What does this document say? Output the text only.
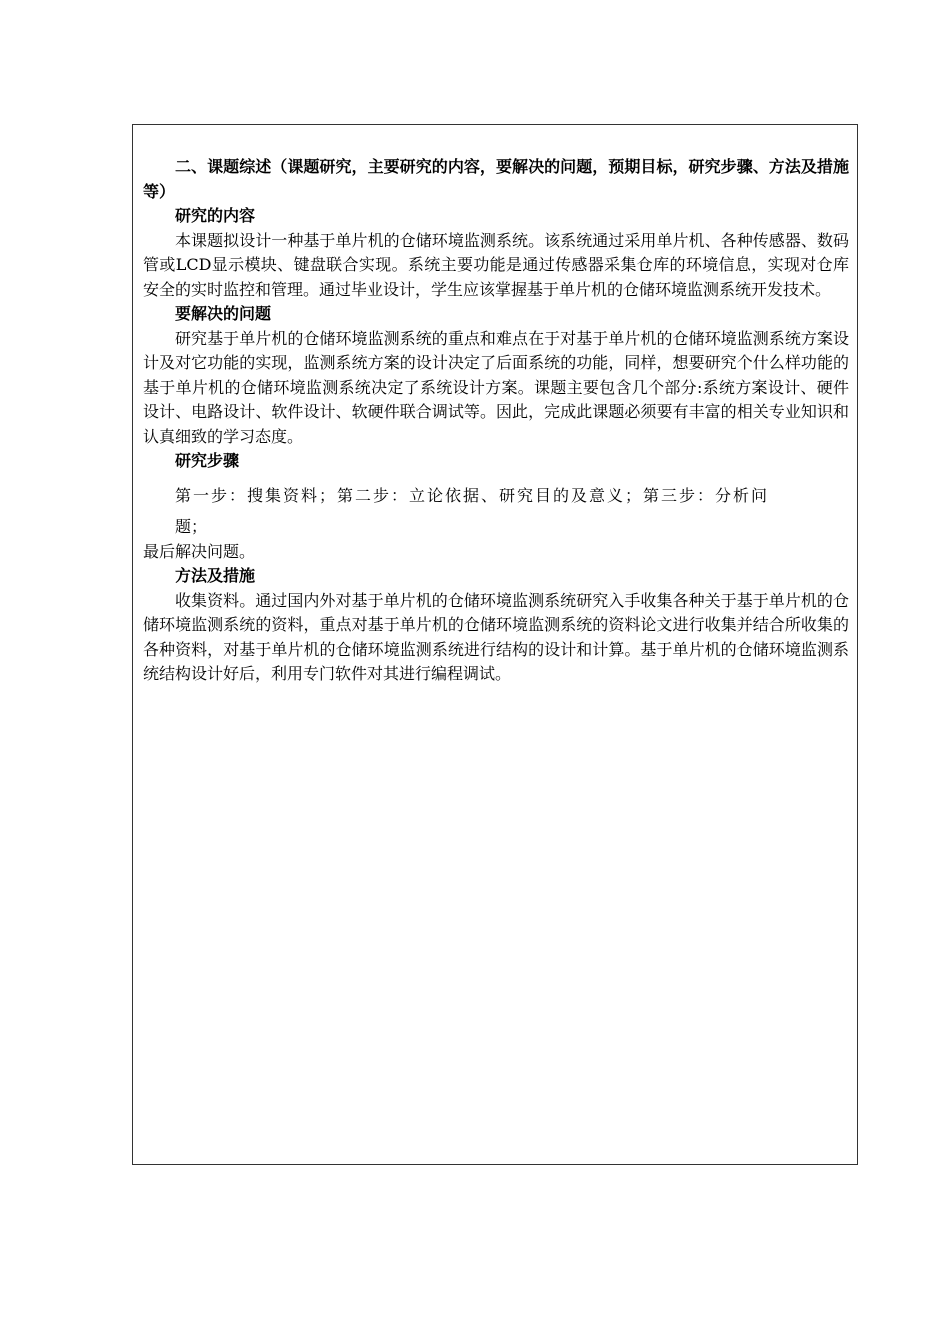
二、课题综述（课题研究，主要研究的内容，要解决的问题，预期目标，研究步骤、方法及措施等）

研究的内容

本课题拟设计一种基于单片机的仓储环境监测系统。该系统通过采用单片机、各种传感器、数码管或LCD显示模块、键盘联合实现。系统主要功能是通过传感器采集仓库的环境信息，实现对仓库安全的实时监控和管理。通过毕业设计，学生应该掌握基于单片机的仓储环境监测系统开发技术。

要解决的问题

研究基于单片机的仓储环境监测系统的重点和难点在于对基于单片机的仓储环境监测系统方案设计及对它功能的实现，监测系统方案的设计决定了后面系统的功能，同样，想要研究个什么样功能的基于单片机的仓储环境监测系统决定了系统设计方案。课题主要包含几个部分:系统方案设计、硬件设计、电路设计、软件设计、软硬件联合调试等。因此，完成此课题必须要有丰富的相关专业知识和认真细致的学习态度。

研究步骤

第一步：搜集资料；第二步：立论依据、研究目的及意义；第三步：分析问

题；

最后解决问题。

方法及措施

收集资料。通过国内外对基于单片机的仓储环境监测系统研究入手收集各种关于基于单片机的仓储环境监测系统的资料，重点对基于单片机的仓储环境监测系统的资料论文进行收集并结合所收集的各种资料，对基于单片机的仓储环境监测系统进行结构的设计和计算。基于单片机的仓储环境监测系统结构设计好后，利用专门软件对其进行编程调试。
